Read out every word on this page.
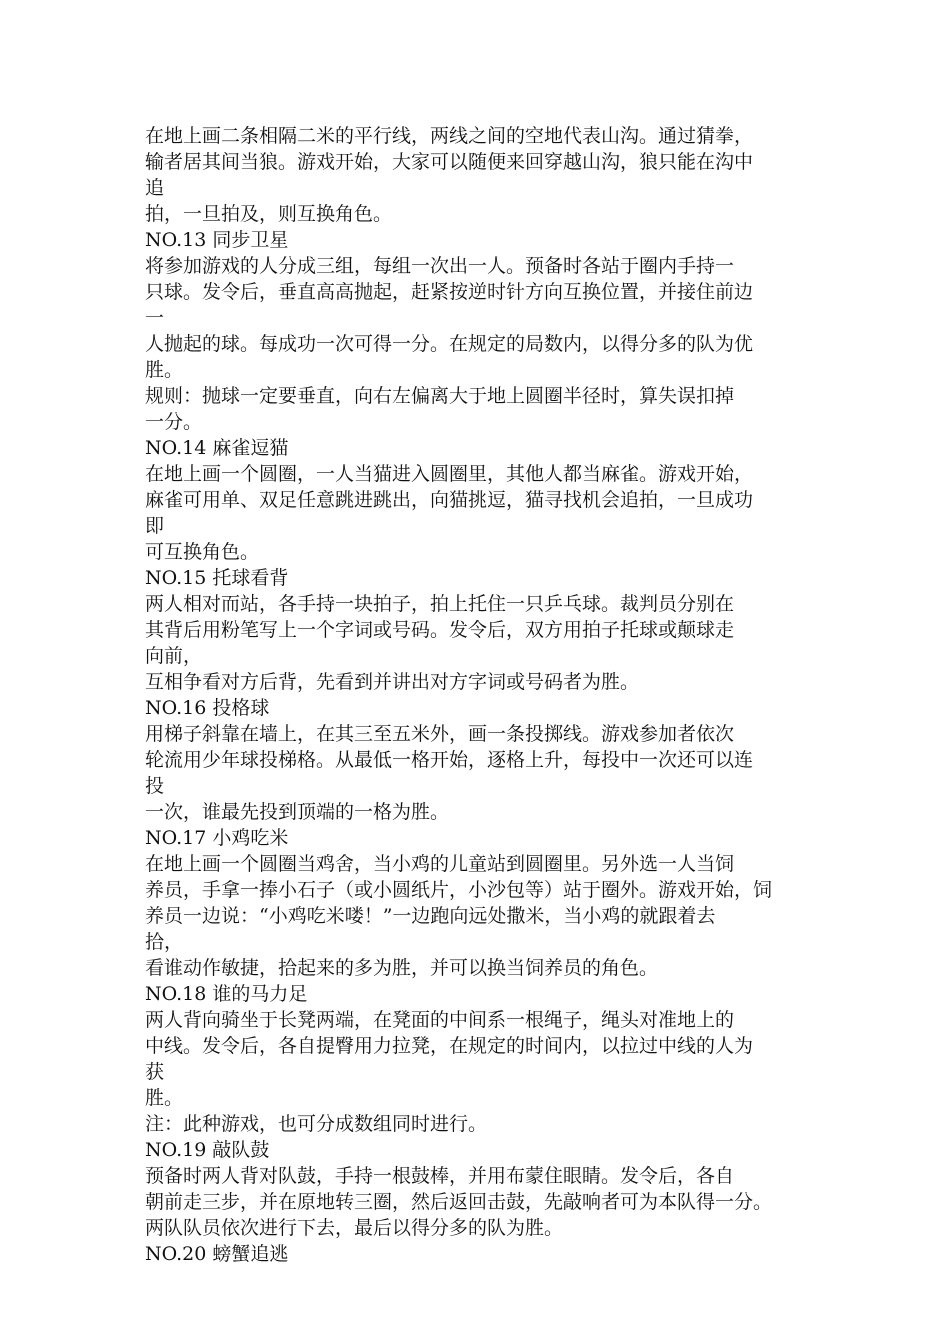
在地上画二条相隔二米的平行线，两线之间的空地代表山沟。通过猜拳，
输者居其间当狼。游戏开始，大家可以随便来回穿越山沟，狼只能在沟中
追
拍，一旦拍及，则互换角色。
NO.13 同步卫星
将参加游戏的人分成三组，每组一次出一人。预备时各站于圈内手持一
只球。发令后，垂直高高抛起，赶紧按逆时针方向互换位置，并接住前边
一
人抛起的球。每成功一次可得一分。在规定的局数内，以得分多的队为优
胜。
规则：抛球一定要垂直，向右左偏离大于地上圆圈半径时，算失误扣掉
一分。
NO.14 麻雀逗猫
在地上画一个圆圈，一人当猫进入圆圈里，其他人都当麻雀。游戏开始，
麻雀可用单、双足任意跳进跳出，向猫挑逗，猫寻找机会追拍，一旦成功
即
可互换角色。
NO.15 托球看背
两人相对而站，各手持一块拍子，拍上托住一只乒乓球。裁判员分别在
其背后用粉笔写上一个字词或号码。发令后，双方用拍子托球或颠球走
向前，
互相争看对方后背，先看到并讲出对方字词或号码者为胜。
NO.16 投格球
用梯子斜靠在墙上，在其三至五米外，画一条投掷线。游戏参加者依次
轮流用少年球投梯格。从最低一格开始，逐格上升，每投中一次还可以连
投
一次，谁最先投到顶端的一格为胜。
NO.17 小鸡吃米
在地上画一个圆圈当鸡舍，当小鸡的儿童站到圆圈里。另外选一人当饲
养员，手拿一捧小石子（或小圆纸片，小沙包等）站于圈外。游戏开始，饲
养员一边说：“小鸡吃米喽！”一边跑向远处撒米，当小鸡的就跟着去
拾，
看谁动作敏捷，拾起来的多为胜，并可以换当饲养员的角色。
NO.18 谁的马力足
两人背向骑坐于长凳两端，在凳面的中间系一根绳子，绳头对准地上的
中线。发令后，各自提臀用力拉凳，在规定的时间内，以拉过中线的人为
获
胜。
注：此种游戏，也可分成数组同时进行。
NO.19 敲队鼓
预备时两人背对队鼓，手持一根鼓棒，并用布蒙住眼睛。发令后，各自
朝前走三步，并在原地转三圈，然后返回击鼓，先敲响者可为本队得一分。
两队队员依次进行下去，最后以得分多的队为胜。
NO.20 螃蟹追逃
